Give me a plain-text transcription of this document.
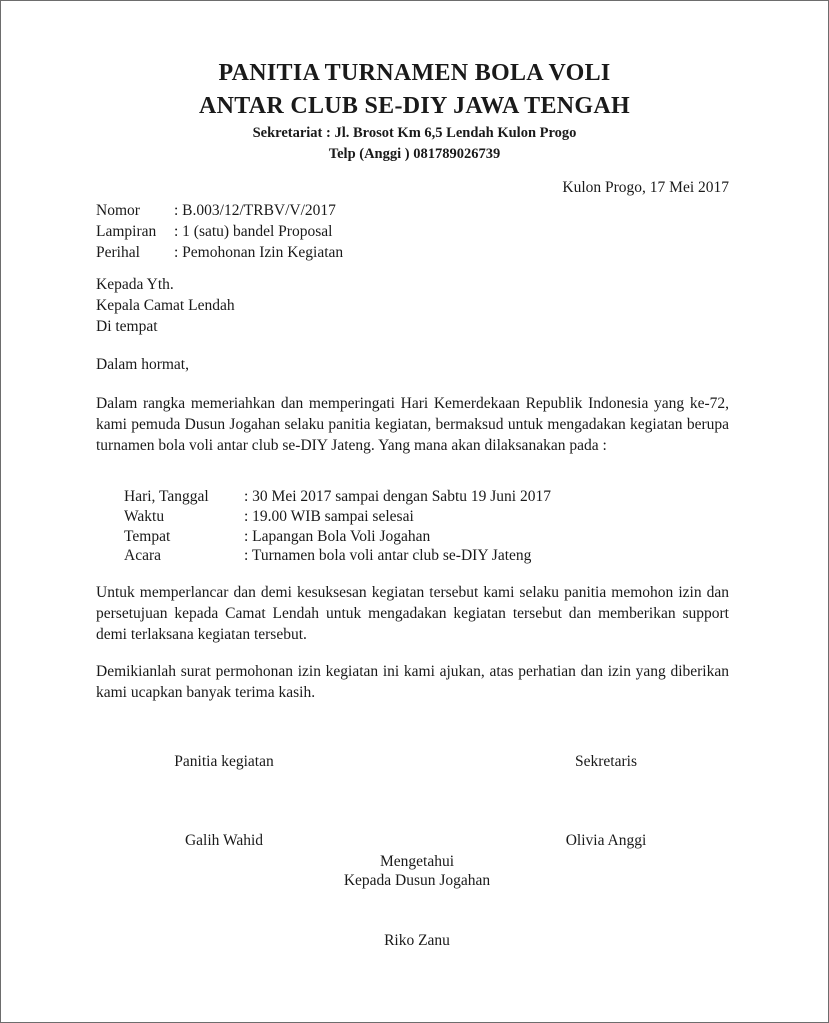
PANITIA TURNAMEN BOLA VOLI
ANTAR CLUB SE-DIY JAWA TENGAH
Sekretariat : Jl. Brosot Km 6,5 Lendah Kulon Progo
Telp (Anggi ) 081789026739
Kulon Progo, 17 Mei 2017
Nomor : B.003/12/TRBV/V/2017
Lampiran : 1 (satu) bandel Proposal
Perihal : Pemohonan Izin Kegiatan
Kepada Yth.
Kepala Camat Lendah
Di tempat
Dalam hormat,
Dalam rangka memeriahkan dan memperingati Hari Kemerdekaan Republik Indonesia yang ke-72, kami pemuda Dusun Jogahan selaku panitia kegiatan, bermaksud untuk mengadakan kegiatan berupa turnamen bola voli antar club se-DIY Jateng. Yang mana akan dilaksanakan pada :
Hari, Tanggal : 30 Mei 2017 sampai dengan Sabtu 19 Juni 2017
Waktu	: 19.00 WIB sampai selesai
Tempat	: Lapangan Bola Voli Jogahan
Acara	: Turnamen bola voli antar club se-DIY Jateng
Untuk memperlancar dan demi kesuksesan kegiatan tersebut kami selaku panitia memohon izin dan persetujuan kepada Camat Lendah untuk mengadakan kegiatan tersebut dan memberikan support demi terlaksana kegiatan tersebut.
Demikianlah surat permohonan izin kegiatan ini kami ajukan, atas perhatian dan izin yang diberikan kami ucapkan banyak terima kasih.
Panitia kegiatan	Sekretaris
Galih Wahid	Olivia Anggi
Mengetahui
Kepada Dusun Jogahan
Riko Zanu
